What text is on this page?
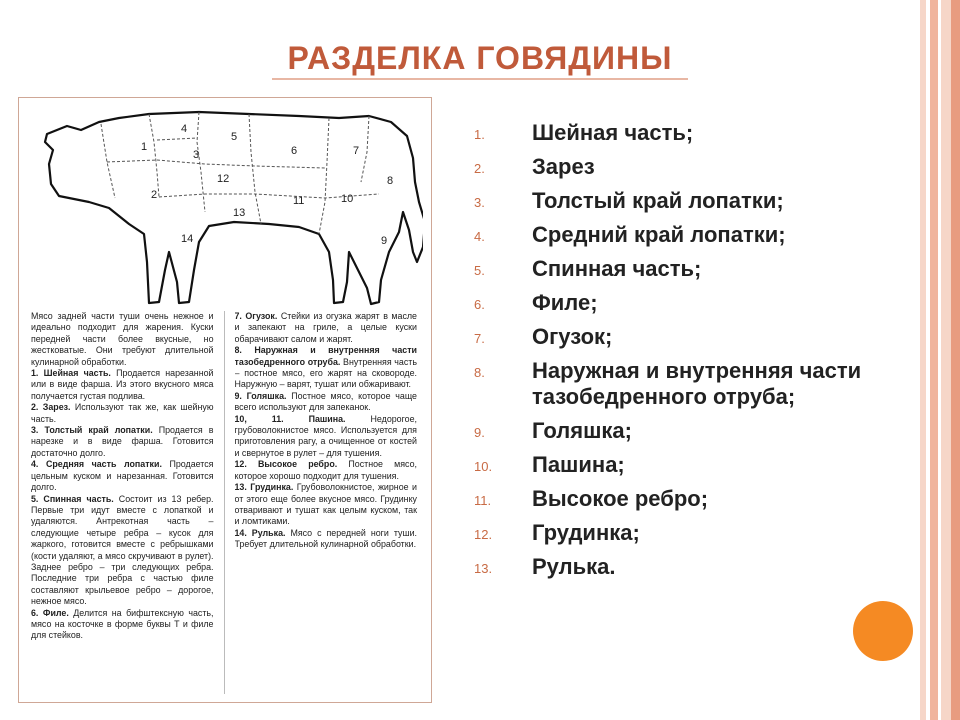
РАЗДЕЛКА ГОВЯДИНЫ
1
2
3
4
5
6	7
8
9
10
11
12
13
14

Мясо задней части туши очень нежное и идеально подходит для жарения. Куски передней части более вкусные, но жестковатые. Они требуют длительной кулинарной обработки.

1. Шейная часть. Продается нарезанной или в виде фарша. Из этого вкусного мяса получается густая подлива.

2. Зарез. Используют так же, как шейную часть.

3. Толстый край лопатки. Продается в нарезке и в виде фарша. Готовится достаточно долго.

4. Средняя часть лопатки. Продается цельным куском и нарезанная. Готовится долго.

5. Спинная часть. Состоит из 13 ребер. Первые три идут вместе с лопаткой и удаляются. Антрекотная часть – следующие четыре ребра – кусок для жаркого, готовится вместе с ребрышками (кости удаляют, а мясо скручивают в рулет). Заднее ребро – три следующих ребра. Последние три ребра с частью филе составляют крыльевое ребро – дорогое, нежное мясо.

6. Филе. Делится на бифштексную часть, мясо на косточке в форме буквы Т и филе для стейков.

7. Огузок. Стейки из огузка жарят в масле и запекают на гриле, а целые куски обарачивают салом и жарят.

8. Наружная и внутренняя части тазобедренного отруба. Внутренняя часть – постное мясо, его жарят на сковороде. Наружную – варят, тушат или обжаривают.

9. Голяшка. Постное мясо, которое чаще всего используют для запеканок.

10, 11. Пашина. Недорогое, грубоволокнистое мясо. Используется для приготовления рагу, а очищенное от костей и свернутое в рулет – для тушения.

12. Высокое ребро. Постное мясо, которое хорошо подходит для тушения.

13. Грудинка. Грубоволокнистое, жирное и от этого еще более вкусное мясо. Грудинку отваривают и тушат как целым куском, так и ломтиками.

14. Рулька. Мясо с передней ноги туши. Требует длительной кулинарной обработки.

1.	Шейная часть;
2.	Зарез
3.	Толстый край лопатки;
4.	Средний край лопатки;
5.	Спинная часть;
6.	Филе;
7.	Огузок;
8.	Наружная и внутренняя части тазобедренного отруба;
9.	Голяшка;
10.	Пашина;
11.	Высокое ребро;
12.	Грудинка;
13.	Рулька.
